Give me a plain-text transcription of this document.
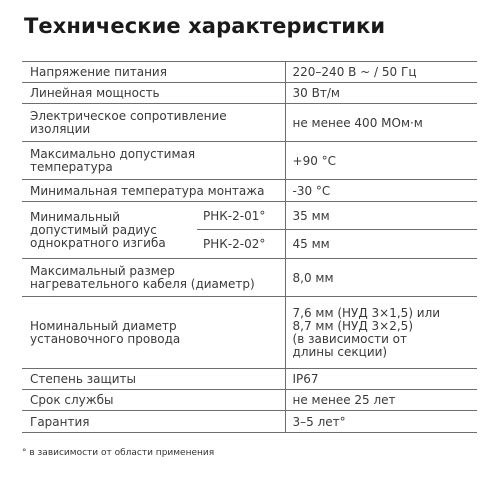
Технические характеристики
Напряжение питания		220–240 В ~ / 50 Гц
Линейная мощность		30 Вт/м
Электрическое сопротивление
изоляции		не менее 400 МОм·м
Максимально допустимая
температура		+90 °C
Минимальная температура монтажа		-30 °C
Минимальный
допустимый радиус
однократного изгиба	РНК-2-01°	35 мм
	РНК-2-02°	45 мм
Максимальный размер
нагревательного кабеля (диаметр)		8,0 мм
Номинальный диаметр
установочного провода		7,6 мм (НУД 3×1,5) или
8,7 мм (НУД 3×2,5)
(в зависимости от
длины секции)
Степень защиты		IP67
Срок службы		не менее 25 лет
Гарантия		3–5 лет°
° в зависимости от области применения
